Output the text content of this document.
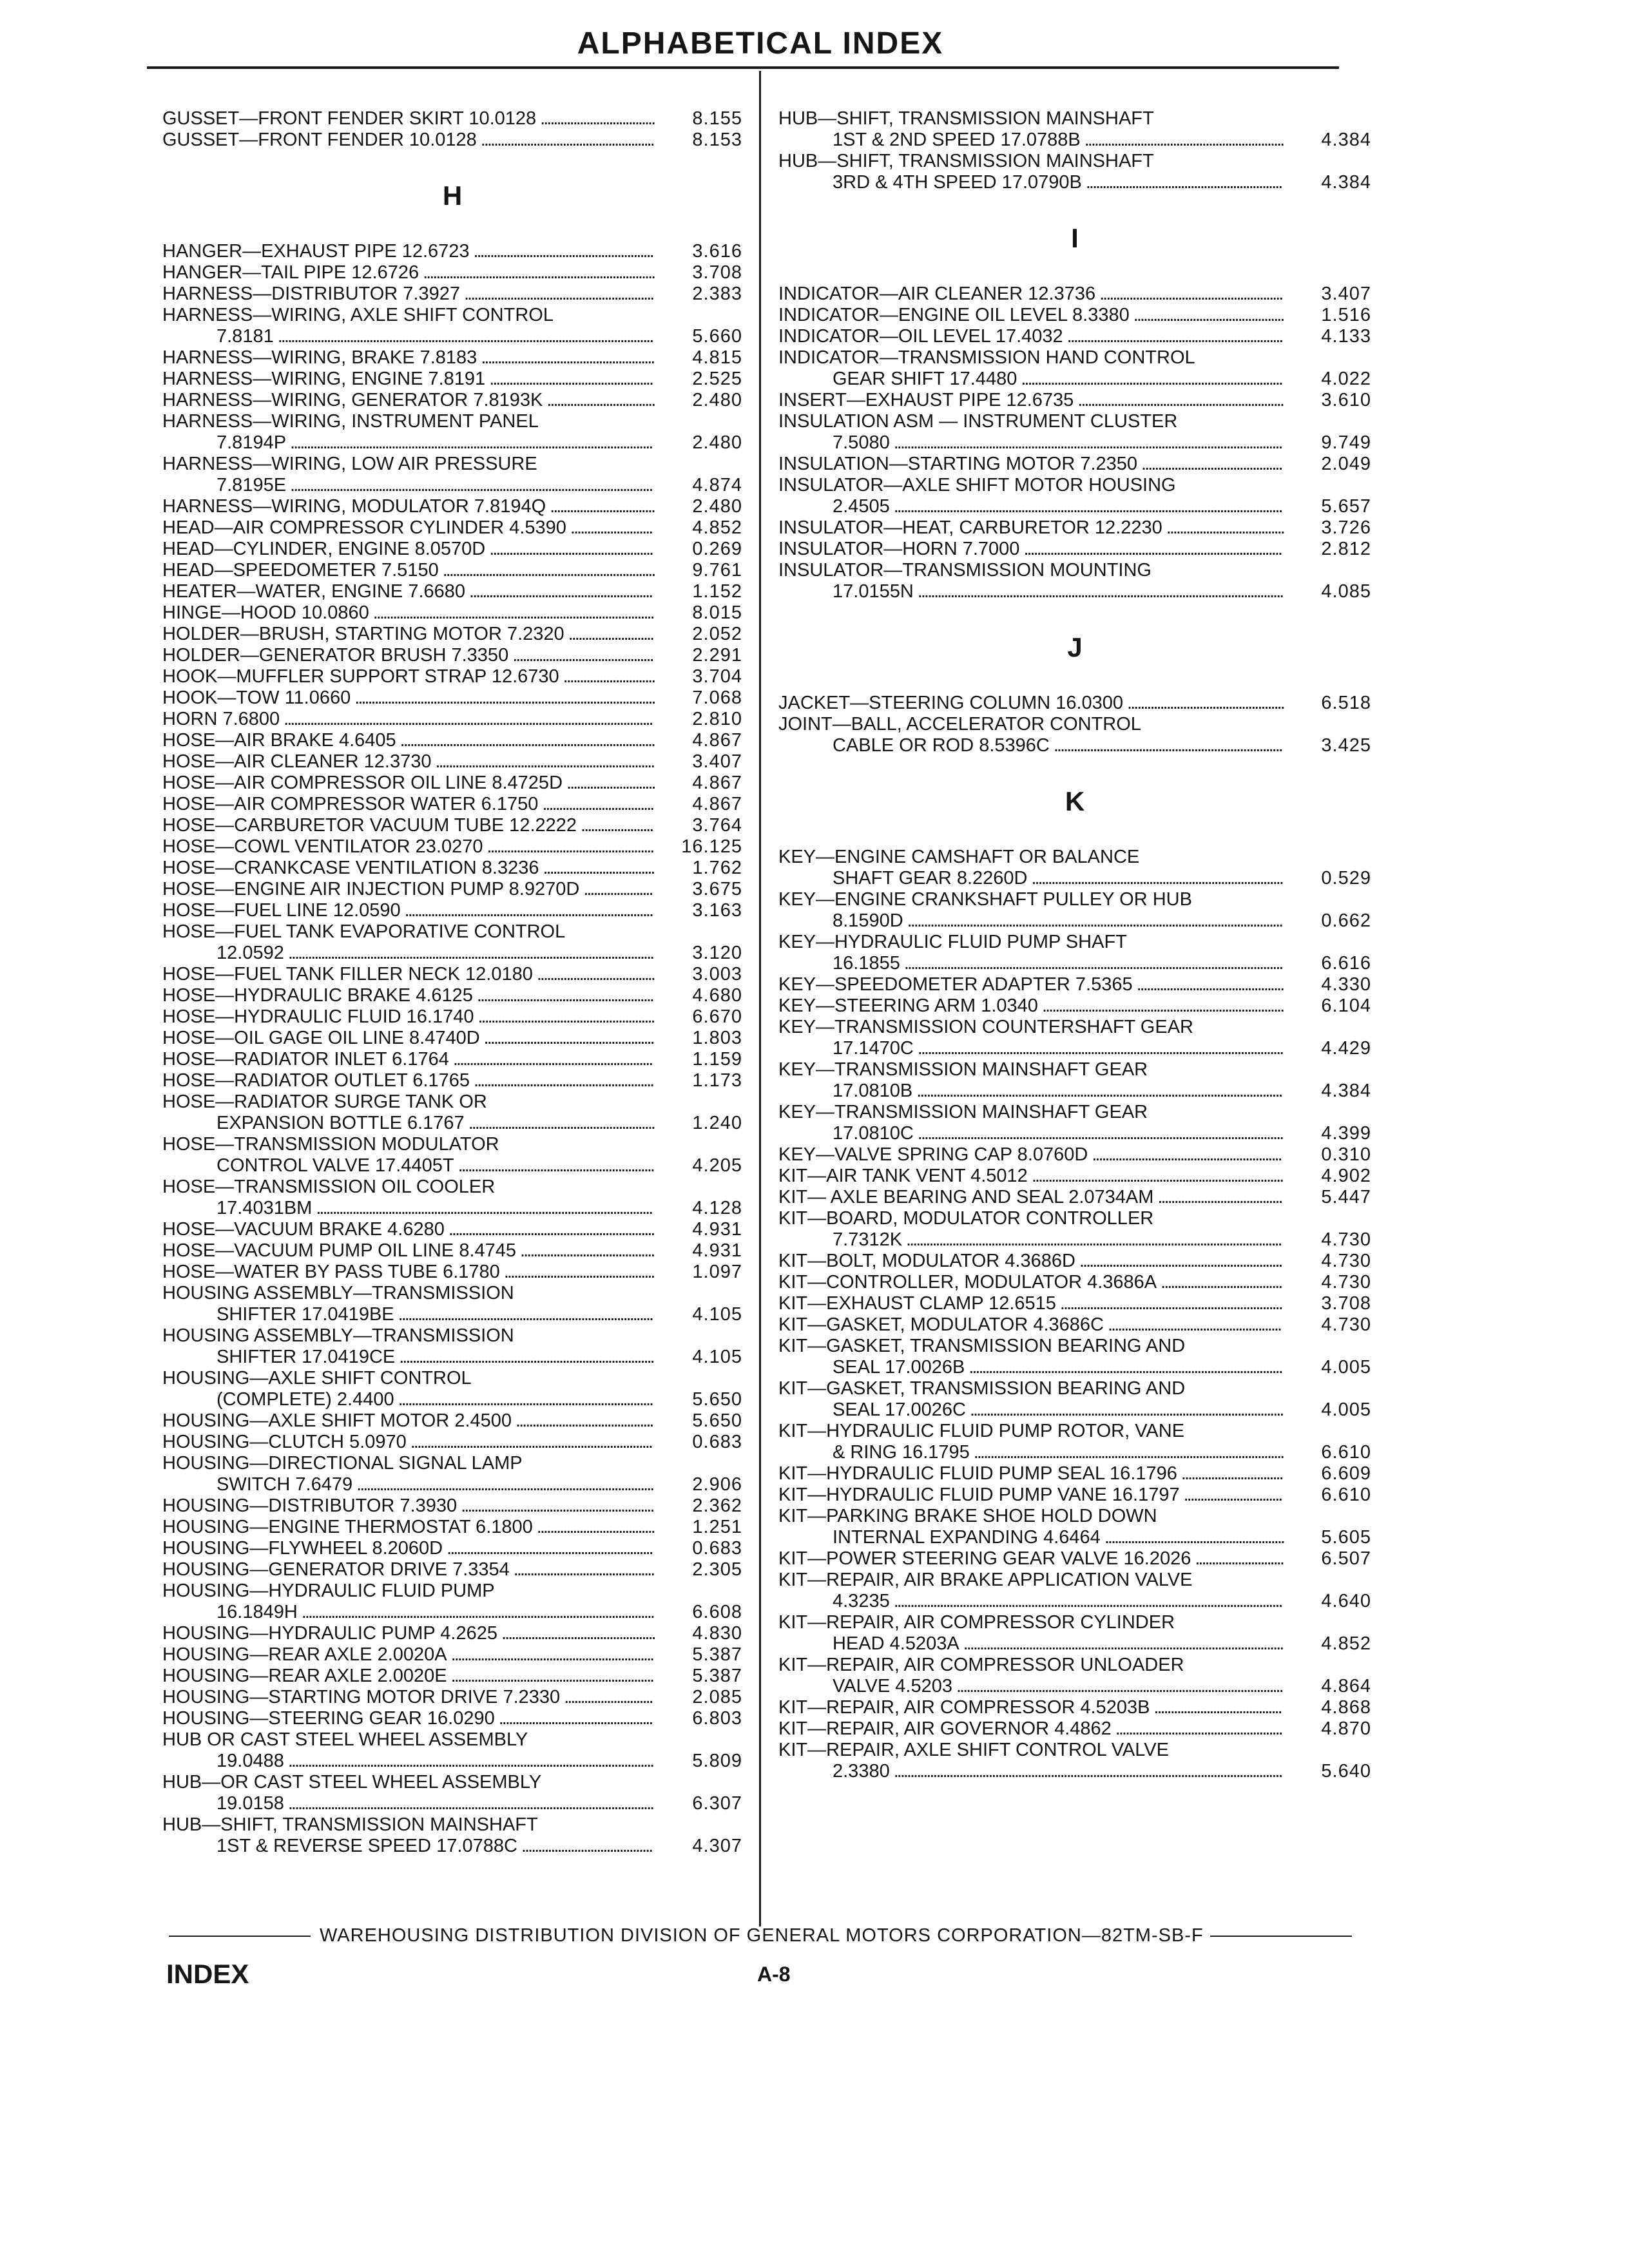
ALPHABETICAL INDEX
GUSSET—FRONT FENDER SKIRT 10.0128 ...................................	8.155
GUSSET—FRONT FENDER 10.0128 .....................................................	8.153
H
HANGER—EXHAUST PIPE 12.6723 .......................................................	3.616
HANGER—TAIL PIPE 12.6726 .......................................................................	3.708
HARNESS—DISTRIBUTOR 7.3927 ..........................................................	2.383
HARNESS—WIRING, AXLE SHIFT CONTROL
7.8181 ...................................................................................................................	5.660
HARNESS—WIRING, BRAKE 7.8183 .....................................................	4.815
HARNESS—WIRING, ENGINE 7.8191 ..................................................	2.525
HARNESS—WIRING, GENERATOR 7.8193K .................................	2.480
HARNESS—WIRING, INSTRUMENT PANEL
7.8194P ...............................................................................................................	2.480
HARNESS—WIRING, LOW AIR PRESSURE
7.8195E ...............................................................................................................	4.874
HARNESS—WIRING, MODULATOR 7.8194Q ................................	2.480
HEAD—AIR COMPRESSOR CYLINDER 4.5390 .........................	4.852
HEAD—CYLINDER, ENGINE 8.0570D ..................................................	0.269
HEAD—SPEEDOMETER 7.5150 .................................................................	9.761
HEATER—WATER, ENGINE 7.6680 ........................................................	1.152
HINGE—HOOD 10.0860 ......................................................................................	8.015
HOLDER—BRUSH, STARTING MOTOR 7.2320 ..........................	2.052
HOLDER—GENERATOR BRUSH 7.3350 ...........................................	2.291
HOOK—MUFFLER SUPPORT STRAP 12.6730 ............................	3.704
HOOK—TOW 11.0660 ............................................................................................	7.068
HORN 7.6800 .................................................................................................................	2.810
HOSE—AIR BRAKE 4.6405 ..............................................................................	4.867
HOSE—AIR CLEANER 12.3730 ...................................................................	3.407
HOSE—AIR COMPRESSOR OIL LINE 8.4725D ...........................	4.867
HOSE—AIR COMPRESSOR WATER 6.1750 ..................................	4.867
HOSE—CARBURETOR VACUUM TUBE 12.2222 ......................	3.764
HOSE—COWL VENTILATOR 23.0270 ...................................................	16.125
HOSE—CRANKCASE VENTILATION 8.3236 ..................................	1.762
HOSE—ENGINE AIR INJECTION PUMP 8.9270D .....................	3.675
HOSE—FUEL LINE 12.0590 ............................................................................	3.163
HOSE—FUEL TANK EVAPORATIVE CONTROL
12.0592 ................................................................................................................	3.120
HOSE—FUEL TANK FILLER NECK 12.0180 ....................................	3.003
HOSE—HYDRAULIC BRAKE 4.6125 ......................................................	4.680
HOSE—HYDRAULIC FLUID 16.1740 ......................................................	6.670
HOSE—OIL GAGE OIL LINE 8.4740D ....................................................	1.803
HOSE—RADIATOR INLET 6.1764 .............................................................	1.159
HOSE—RADIATOR OUTLET 6.1765 .......................................................	1.173
HOSE—RADIATOR SURGE TANK OR
EXPANSION BOTTLE 6.1767 .........................................................	1.240
HOSE—TRANSMISSION MODULATOR
CONTROL VALVE 17.4405T ............................................................	4.205
HOSE—TRANSMISSION OIL COOLER
17.4031BM .......................................................................................................	4.128
HOSE—VACUUM BRAKE 4.6280 ...............................................................	4.931
HOSE—VACUUM PUMP OIL LINE 8.4745 .........................................	4.931
HOSE—WATER BY PASS TUBE 6.1780 ..............................................	1.097
HOUSING ASSEMBLY—TRANSMISSION
SHIFTER 17.0419BE ..............................................................................	4.105
HOUSING ASSEMBLY—TRANSMISSION
SHIFTER 17.0419CE ..............................................................................	4.105
HOUSING—AXLE SHIFT CONTROL
(COMPLETE) 2.4400 ..............................................................................	5.650
HOUSING—AXLE SHIFT MOTOR 2.4500 ..........................................	5.650
HOUSING—CLUTCH 5.0970 ..........................................................................	0.683
HOUSING—DIRECTIONAL SIGNAL LAMP
SWITCH 7.6479 ...........................................................................................	2.906
HOUSING—DISTRIBUTOR 7.3930 ...........................................................	2.362
HOUSING—ENGINE THERMOSTAT 6.1800 ....................................	1.251
HOUSING—FLYWHEEL 8.2060D ...............................................................	0.683
HOUSING—GENERATOR DRIVE 7.3354 ...........................................	2.305
HOUSING—HYDRAULIC FLUID PUMP
16.1849H ............................................................................................................	6.608
HOUSING—HYDRAULIC PUMP 4.2625 ...............................................	4.830
HOUSING—REAR AXLE 2.0020A ..............................................................	5.387
HOUSING—REAR AXLE 2.0020E ..............................................................	5.387
HOUSING—STARTING MOTOR DRIVE 7.2330 ...........................	2.085
HOUSING—STEERING GEAR 16.0290 ...............................................	6.803
HUB OR CAST STEEL WHEEL ASSEMBLY
19.0488 ................................................................................................................	5.809
HUB—OR CAST STEEL WHEEL ASSEMBLY
19.0158 ................................................................................................................	6.307
HUB—SHIFT, TRANSMISSION MAINSHAFT
1ST & REVERSE SPEED 17.0788C ........................................	4.307
HUB—SHIFT, TRANSMISSION MAINSHAFT
1ST & 2ND SPEED 17.0788B .............................................................	4.384
HUB—SHIFT, TRANSMISSION MAINSHAFT
3RD & 4TH SPEED 17.0790B ............................................................	4.384
I
INDICATOR—AIR CLEANER 12.3736 ........................................................	3.407
INDICATOR—ENGINE OIL LEVEL 8.3380 ..............................................	1.516
INDICATOR—OIL LEVEL 17.4032 ..................................................................	4.133
INDICATOR—TRANSMISSION HAND CONTROL
GEAR SHIFT 17.4480 ................................................................................	4.022
INSERT—EXHAUST PIPE 12.6735 ...............................................................	3.610
INSULATION ASM — INSTRUMENT CLUSTER
7.5080 .......................................................................................................................	9.749
INSULATION—STARTING MOTOR 7.2350 ...........................................	2.049
INSULATOR—AXLE SHIFT MOTOR HOUSING
2.4505 .......................................................................................................................	5.657
INSULATOR—HEAT, CARBURETOR 12.2230 ....................................	3.726
INSULATOR—HORN 7.7000 ...............................................................................	2.812
INSULATOR—TRANSMISSION MOUNTING
17.0155N ................................................................................................................	4.085
J
JACKET—STEERING COLUMN 16.0300 ................................................	6.518
JOINT—BALL, ACCELERATOR CONTROL
CABLE OR ROD 8.5396C ......................................................................	3.425
K
KEY—ENGINE CAMSHAFT OR BALANCE
SHAFT GEAR 8.2260D .............................................................................	0.529
KEY—ENGINE CRANKSHAFT PULLEY OR HUB
8.1590D ...................................................................................................................	0.662
KEY—HYDRAULIC FLUID PUMP SHAFT
16.1855 ....................................................................................................................	6.616
KEY—SPEEDOMETER ADAPTER 7.5365 .............................................	4.330
KEY—STEERING ARM 1.0340 ..........................................................................	6.104
KEY—TRANSMISSION COUNTERSHAFT GEAR
17.1470C ................................................................................................................	4.429
KEY—TRANSMISSION MAINSHAFT GEAR
17.0810B ................................................................................................................	4.384
KEY—TRANSMISSION MAINSHAFT GEAR
17.0810C ................................................................................................................	4.399
KEY—VALVE SPRING CAP 8.0760D ..........................................................	0.310
KIT—AIR TANK VENT 4.5012 .............................................................................	4.902
KIT— AXLE BEARING AND SEAL 2.0734AM ......................................	5.447
KIT—BOARD, MODULATOR CONTROLLER
7.7312K ...................................................................................................................	4.730
KIT—BOLT, MODULATOR 4.3686D ..............................................................	4.730
KIT—CONTROLLER, MODULATOR 4.3686A .....................................	4.730
KIT—EXHAUST CLAMP 12.6515 ....................................................................	3.708
KIT—GASKET, MODULATOR 4.3686C .....................................................	4.730
KIT—GASKET, TRANSMISSION BEARING AND
SEAL 17.0026B ................................................................................................	4.005
KIT—GASKET, TRANSMISSION BEARING AND
SEAL 17.0026C ................................................................................................	4.005
KIT—HYDRAULIC FLUID PUMP ROTOR, VANE
& RING 16.1795 ...............................................................................................	6.610
KIT—HYDRAULIC FLUID PUMP SEAL 16.1796 ...............................	6.609
KIT—HYDRAULIC FLUID PUMP VANE 16.1797 ..............................	6.610
KIT—PARKING BRAKE SHOE HOLD DOWN
INTERNAL EXPANDING 4.6464 .......................................................	5.605
KIT—POWER STEERING GEAR VALVE 16.2026 ...........................	6.507
KIT—REPAIR, AIR BRAKE APPLICATION VALVE
4.3235 .......................................................................................................................	4.640
KIT—REPAIR, AIR COMPRESSOR CYLINDER
HEAD 4.5203A ..................................................................................................	4.852
KIT—REPAIR, AIR COMPRESSOR UNLOADER
VALVE 4.5203 ....................................................................................................	4.864
KIT—REPAIR, AIR COMPRESSOR 4.5203B .......................................	4.868
KIT—REPAIR, AIR GOVERNOR 4.4862 ...................................................	4.870
KIT—REPAIR, AXLE SHIFT CONTROL VALVE
2.3380 .......................................................................................................................	5.640
WAREHOUSING DISTRIBUTION DIVISION OF GENERAL MOTORS CORPORATION—82TM-SB-F
INDEX	A-8
